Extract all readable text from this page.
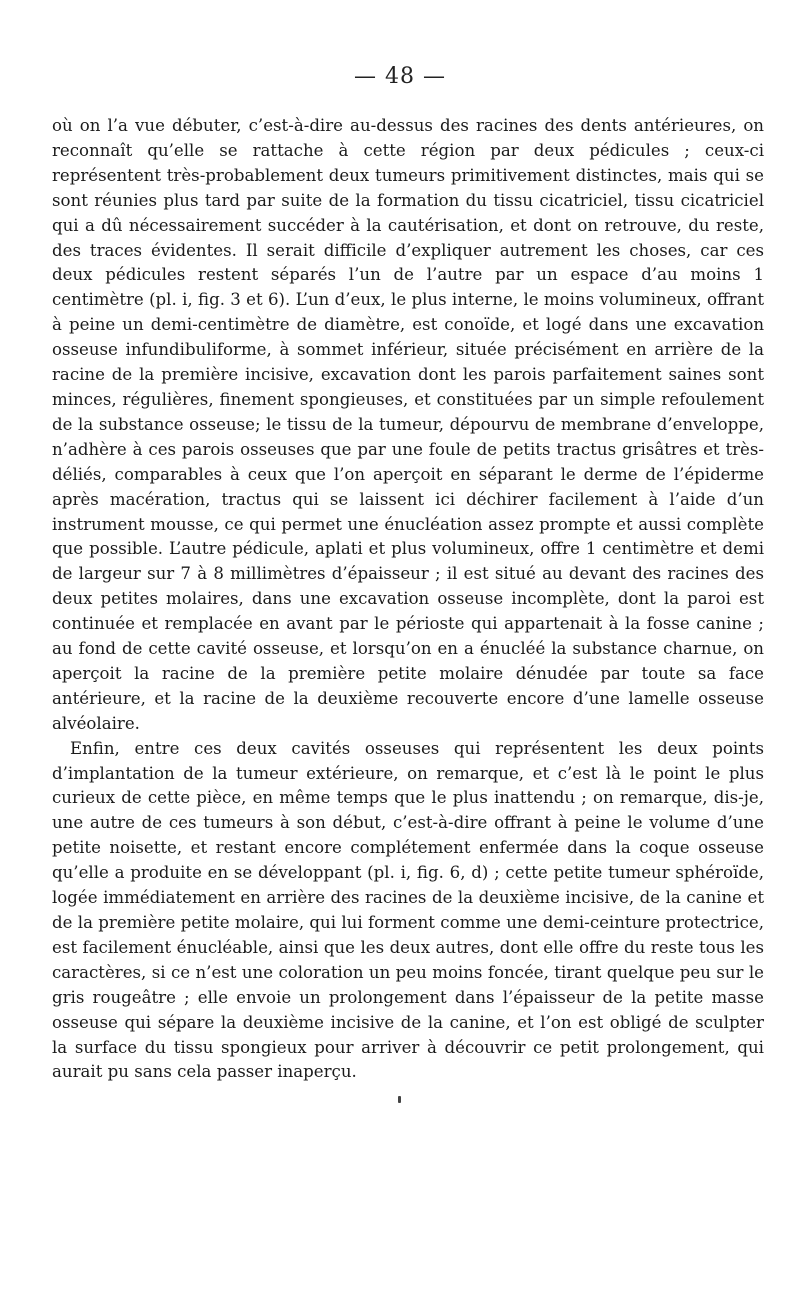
— 48 —

où on l’a vue débuter, c’est-à-dire au-dessus des racines des dents antérieures, on reconnaît qu’elle se rattache à cette région par deux pédicules ; ceux-ci représentent très-probablement deux tumeurs primitivement distinctes, mais qui se sont réunies plus tard par suite de la formation du tissu cicatriciel, tissu cicatriciel qui a dû nécessairement succéder à la cautérisation, et dont on retrouve, du reste, des traces évidentes. Il serait difficile d’expliquer autrement les choses, car ces deux pédicules restent séparés l’un de l’autre par un espace d’au moins 1 centimètre (pl. i, fig. 3 et 6). L’un d’eux, le plus interne, le moins volumineux, offrant à peine un demi-centimètre de diamètre, est conoïde, et logé dans une excavation osseuse infundibuliforme, à sommet inférieur, située précisément en arrière de la racine de la première incisive, excavation dont les parois parfaitement saines sont minces, régulières, finement spongieuses, et constituées par un simple refoulement de la substance osseuse; le tissu de la tumeur, dépourvu de membrane d’enveloppe, n’adhère à ces parois osseuses que par une foule de petits tractus grisâtres et très-déliés, comparables à ceux que l’on aperçoit en séparant le derme de l’épiderme après macération, tractus qui se laissent ici déchirer facilement à l’aide d’un instrument mousse, ce qui permet une énucléation assez prompte et aussi complète que possible. L’autre pédicule, aplati et plus volumineux, offre 1 centimètre et demi de largeur sur 7 à 8 millimètres d’épaisseur ; il est situé au devant des racines des deux petites molaires, dans une excavation osseuse incomplète, dont la paroi est continuée et remplacée en avant par le périoste qui appartenait à la fosse canine ; au fond de cette cavité osseuse, et lorsqu’on en a énucléé la substance charnue, on aperçoit la racine de la première petite molaire dénudée par toute sa face antérieure, et la racine de la deuxième recouverte encore d’une lamelle osseuse alvéolaire.

Enfin, entre ces deux cavités osseuses qui représentent les deux points d’implantation de la tumeur extérieure, on remarque, et c’est là le point le plus curieux de cette pièce, en même temps que le plus inattendu ; on remarque, dis-je, une autre de ces tumeurs à son début, c’est-à-dire offrant à peine le volume d’une petite noisette, et restant encore complétement enfermée dans la coque osseuse qu’elle a produite en se développant (pl. i, fig. 6, d) ; cette petite tumeur sphéroïde, logée immédiatement en arrière des racines de la deuxième incisive, de la canine et de la première petite molaire, qui lui forment comme une demi-ceinture protectrice, est facilement énucléable, ainsi que les deux autres, dont elle offre du reste tous les caractères, si ce n’est une coloration un peu moins foncée, tirant quelque peu sur le gris rougeâtre ; elle envoie un prolongement dans l’épaisseur de la petite masse osseuse qui sépare la deuxième incisive de la canine, et l’on est obligé de sculpter la surface du tissu spongieux pour arriver à découvrir ce petit prolongement, qui aurait pu sans cela passer inaperçu.
